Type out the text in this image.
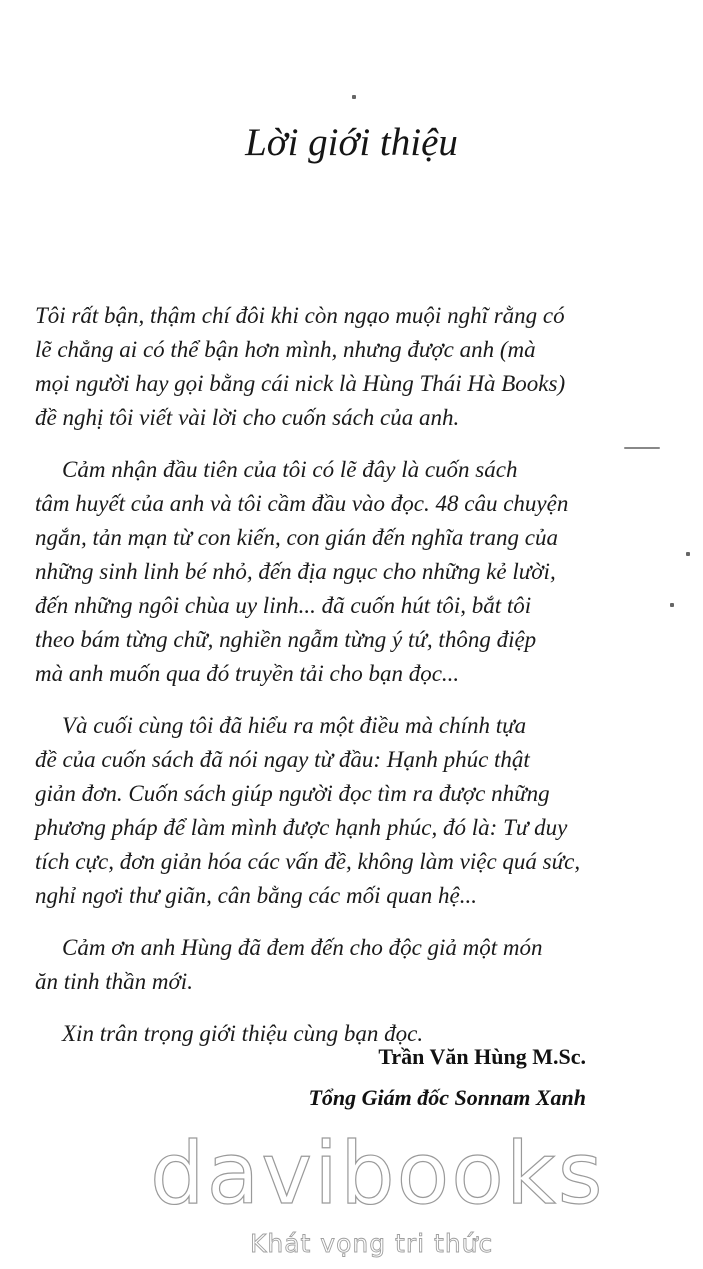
Lời giới thiệu
Tôi rất bận, thậm chí đôi khi còn ngạo muội nghĩ rằng có
lẽ chẳng ai có thể bận hơn mình, nhưng được anh (mà
mọi người hay gọi bằng cái nick là Hùng Thái Hà Books)
đề nghị tôi viết vài lời cho cuốn sách của anh.
Cảm nhận đầu tiên của tôi có lẽ đây là cuốn sách
tâm huyết của anh và tôi cầm đầu vào đọc. 48 câu chuyện
ngắn, tản mạn từ con kiến, con gián đến nghĩa trang của
những sinh linh bé nhỏ, đến địa ngục cho những kẻ lười,
đến những ngôi chùa uy linh... đã cuốn hút tôi, bắt tôi
theo bám từng chữ, nghiền ngẫm từng ý tứ, thông điệp
mà anh muốn qua đó truyền tải cho bạn đọc...
Và cuối cùng tôi đã hiểu ra một điều mà chính tựa
đề của cuốn sách đã nói ngay từ đầu: Hạnh phúc thật
giản đơn. Cuốn sách giúp người đọc tìm ra được những
phương pháp để làm mình được hạnh phúc, đó là: Tư duy
tích cực, đơn giản hóa các vấn đề, không làm việc quá sức,
nghỉ ngơi thư giãn, cân bằng các mối quan hệ...
Cảm ơn anh Hùng đã đem đến cho độc giả một món
ăn tinh thần mới.
Xin trân trọng giới thiệu cùng bạn đọc.
Trần Văn Hùng M.Sc.
Tổng Giám đốc Sonnam Xanh
davibooks
Khát vọng tri thức
